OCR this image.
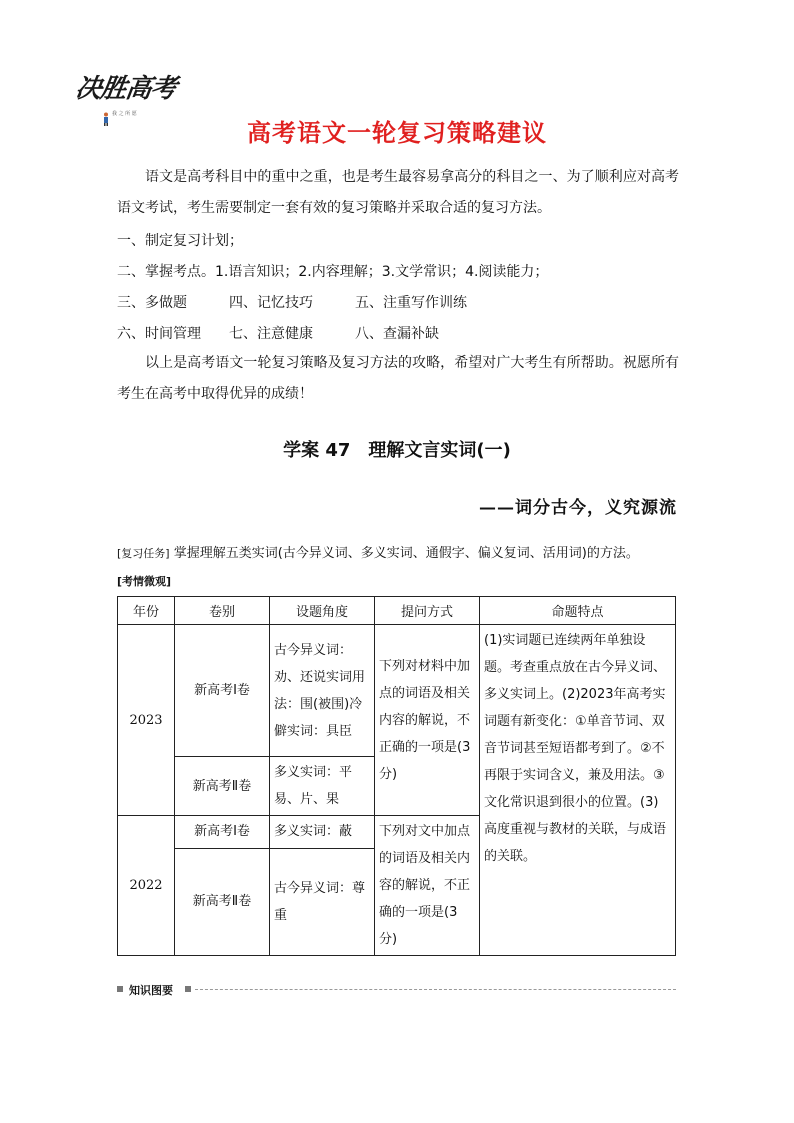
决胜高考
我 之 所 愿
高考语文一轮复习策略建议
语文是高考科目中的重中之重，也是考生最容易拿高分的科目之一、为了顺利应对高考语文考试，考生需要制定一套有效的复习策略并采取合适的复习方法。
一、制定复习计划；
二、掌握考点。1.语言知识；2.内容理解；3.文学常识；4.阅读能力；
三、多做题	四、记忆技巧	五、注重写作训练
六、时间管理 七、注意健康	八、查漏补缺
以上是高考语文一轮复习策略及复习方法的攻略，希望对广大考生有所帮助。祝愿所有考生在高考中取得优异的成绩！
学案 47　理解文言实词(一)
——词分古今，义究源流
[复习任务] 掌握理解五类实词(古今异义词、多义实词、通假字、偏义复词、活用词)的方法。
[考情微观]
年份	卷别	设题角度	提问方式	命题特点
2023	新高考Ⅰ卷	古今异义词：劝、还说实词用法：围(被围)冷僻实词：具臣	下列对材料中加点的词语及相关内容的解说，不正确的一项是(3分)	(1)实词题已连续两年单独设题。考查重点放在古今异义词、多义实词上。(2)2023年高考实词题有新变化：①单音节词、双音节词甚至短语都考到了。②不再限于实词含义，兼及用法。③文化常识退到很小的位置。(3)高度重视与教材的关联，与成语的关联。
	新高考Ⅱ卷	多义实词：平易、片、果		
2022	新高考Ⅰ卷	多义实词：蔽	下列对文中加点的词语及相关内容的解说，不正确的一项是(3分)	
	新高考Ⅱ卷	古今异义词：尊重		
知识图要
